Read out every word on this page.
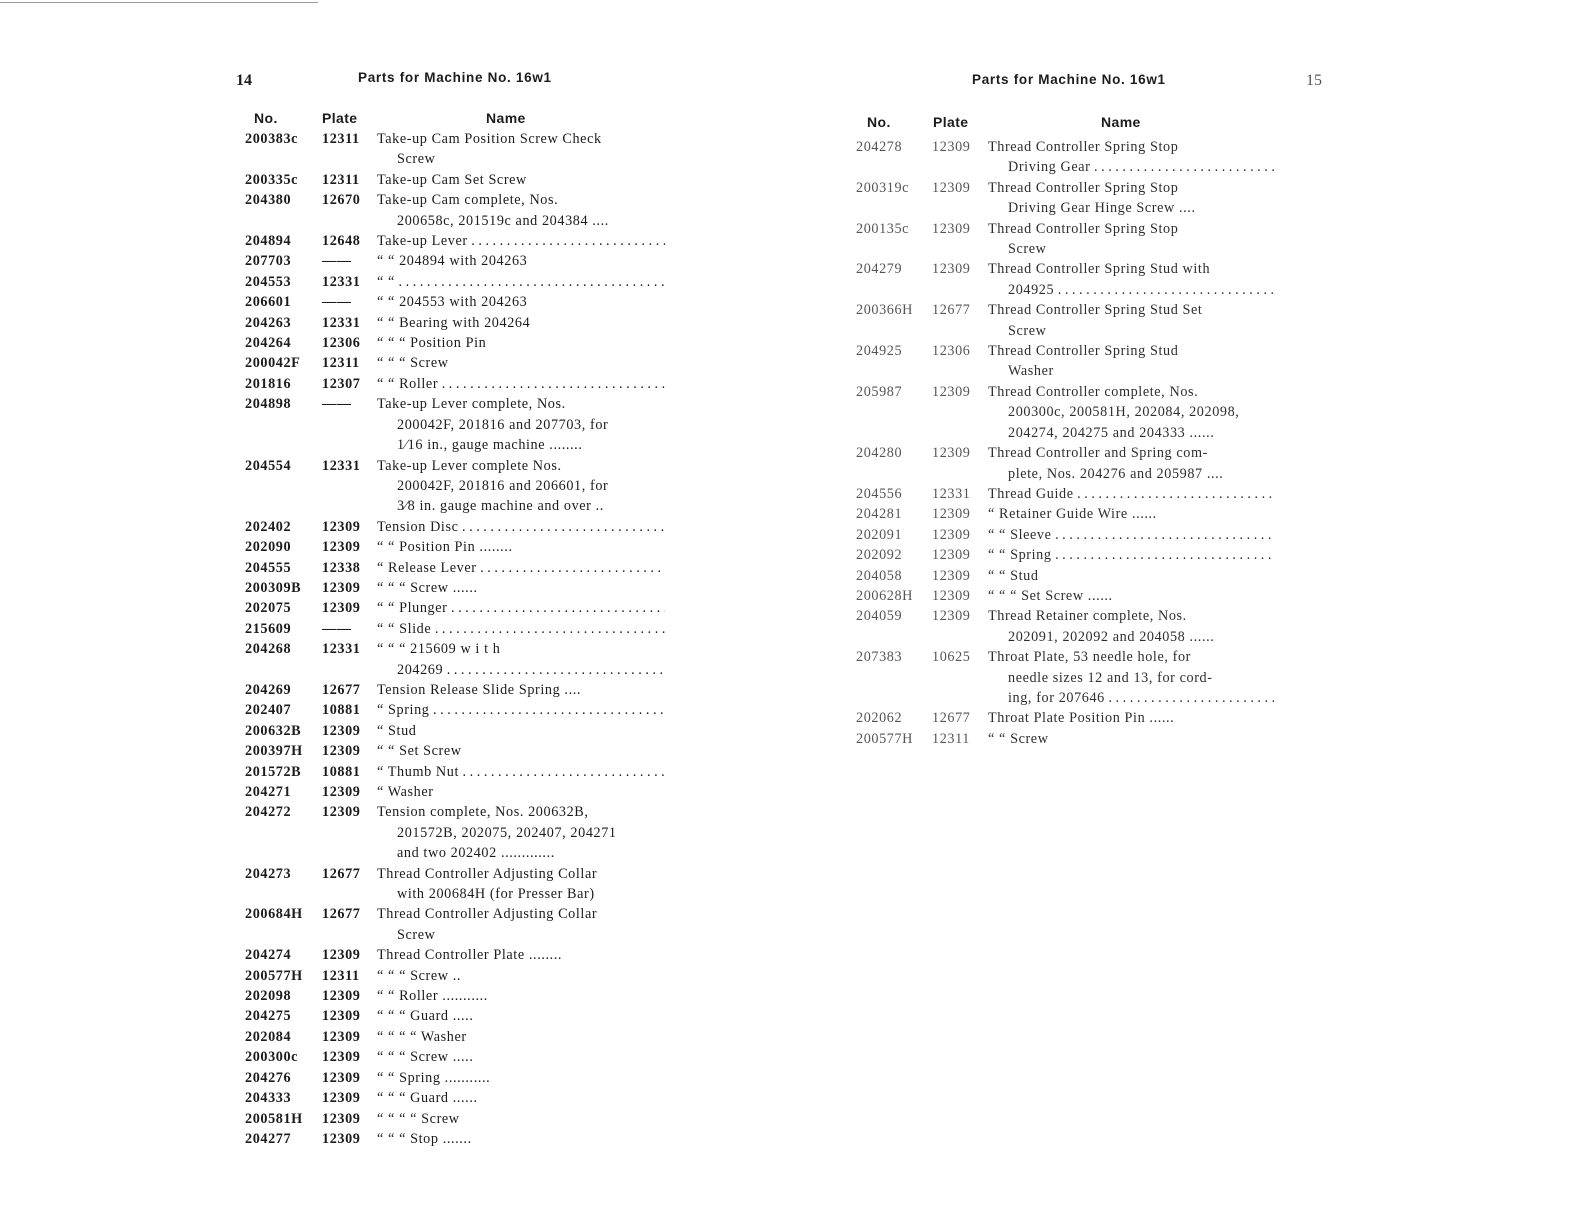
14	Parts for Machine No. 16w1
No.	Plate	Name
200383c 12311 Take-up Cam Position Screw Check
Screw
200335c 12311 Take-up Cam Set Screw
204380 12670 Take-up Cam complete, Nos.
200658c, 201519c and 204384 ....
204894 12648 Take-up Lever . . .
207703 —— “ “ 204894 with 204263
204553 12331 “ “ . . .
206601 —— “ “ 204553 with 204263
204263 12331 “ “ Bearing with 204264
204264 12306 “ “ “ Position Pin
200042F 12311 “ “ “ Screw
201816 12307 “ “ Roller . . .
204898 —— Take-up Lever complete, Nos.
200042F, 201816 and 207703, for
1⁄16 in., gauge machine ........
204554 12331 Take-up Lever complete Nos.
200042F, 201816 and 206601, for
3⁄8 in. gauge machine and over ..
202402 12309 Tension Disc . . .
202090 12309 “ “ Position Pin ........
204555 12338 “ Release Lever . . .
200309B 12309 “ “ “ Screw ......
202075 12309 “ “ Plunger . . .
215609 —— “ “ Slide . . .
204268 12331 “ “ “ 215609 w i t h
204269 . . .
204269 12677 Tension Release Slide Spring ....
202407 10881 “ Spring . . .
200632B 12309 “ Stud
200397H 12309 “ “ Set Screw
201572B 10881 “ Thumb Nut . . .
204271 12309 “ Washer
204272 12309 Tension complete, Nos. 200632B,
201572B, 202075, 202407, 204271
and two 202402 .............
204273 12677 Thread Controller Adjusting Collar
with 200684H (for Presser Bar)
200684H 12677 Thread Controller Adjusting Collar
Screw
204274 12309 Thread Controller Plate ........
200577H 12311 “ “ “ Screw ..
202098 12309 “ “ Roller ...........
204275 12309 “ “ “ Guard .....
202084 12309 “ “ “ “ Washer
200300c 12309 “ “ “ Screw .....
204276 12309 “ “ Spring ...........
204333 12309 “ “ “ Guard ......
200581H 12309 “ “ “ “ Screw
204277 12309 “ “ “ Stop .......
Parts for Machine No. 16w1	15
No.	Plate	Name
204278 12309 Thread Controller Spring Stop
Driving Gear . . .
200319c 12309 Thread Controller Spring Stop
Driving Gear Hinge Screw ....
200135c 12309 Thread Controller Spring Stop
Screw
204279 12309 Thread Controller Spring Stud with
204925 . . .
200366H 12677 Thread Controller Spring Stud Set
Screw
204925 12306 Thread Controller Spring Stud
Washer
205987 12309 Thread Controller complete, Nos.
200300c, 200581H, 202084, 202098,
204274, 204275 and 204333 ......
204280 12309 Thread Controller and Spring com-
plete, Nos. 204276 and 205987 ....
204556 12331 Thread Guide . . .
204281 12309 “ Retainer Guide Wire ......
202091 12309 “ “ Sleeve . . .
202092 12309 “ “ Spring . . .
204058 12309 “ “ Stud
200628H 12309 “ “ “ Set Screw ......
204059 12309 Thread Retainer complete, Nos.
202091, 202092 and 204058 ......
207383 10625 Throat Plate, 53 needle hole, for
needle sizes 12 and 13, for cord-
ing, for 207646 . . .
202062 12677 Throat Plate Position Pin ......
200577H 12311 “ “ Screw
